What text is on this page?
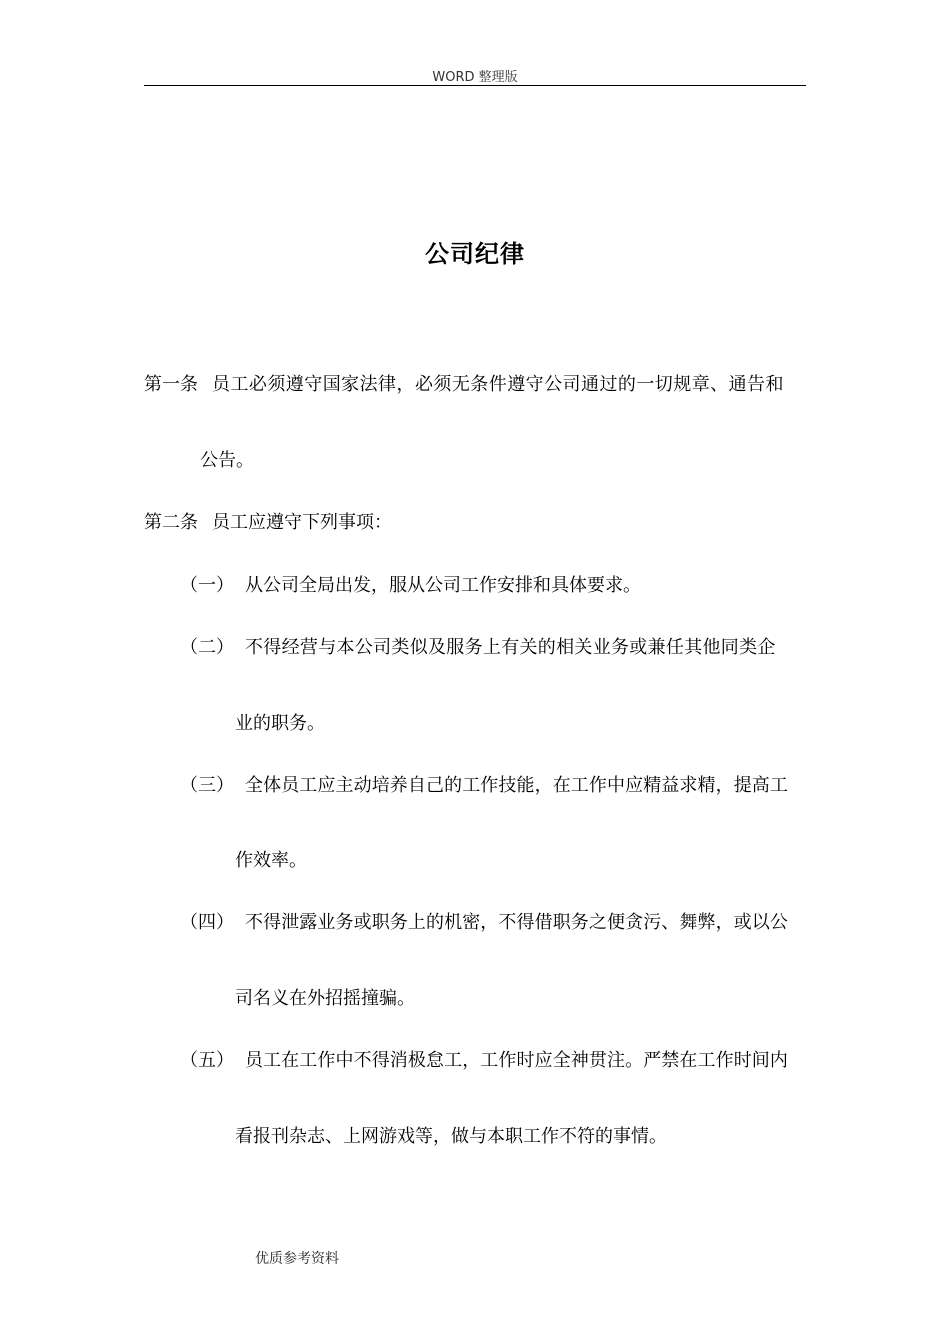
WORD 整理版
公司纪律
第一条 员工必须遵守国家法律，必须无条件遵守公司通过的一切规章、通告和
公告。
第二条 员工应遵守下列事项：
（一） 从公司全局出发，服从公司工作安排和具体要求。
（二） 不得经营与本公司类似及服务上有关的相关业务或兼任其他同类企
业的职务。
（三） 全体员工应主动培养自己的工作技能，在工作中应精益求精，提高工
作效率。
（四） 不得泄露业务或职务上的机密，不得借职务之便贪污、舞弊，或以公
司名义在外招摇撞骗。
（五） 员工在工作中不得消极怠工，工作时应全神贯注。严禁在工作时间内
看报刊杂志、上网游戏等，做与本职工作不符的事情。
优质参考资料
